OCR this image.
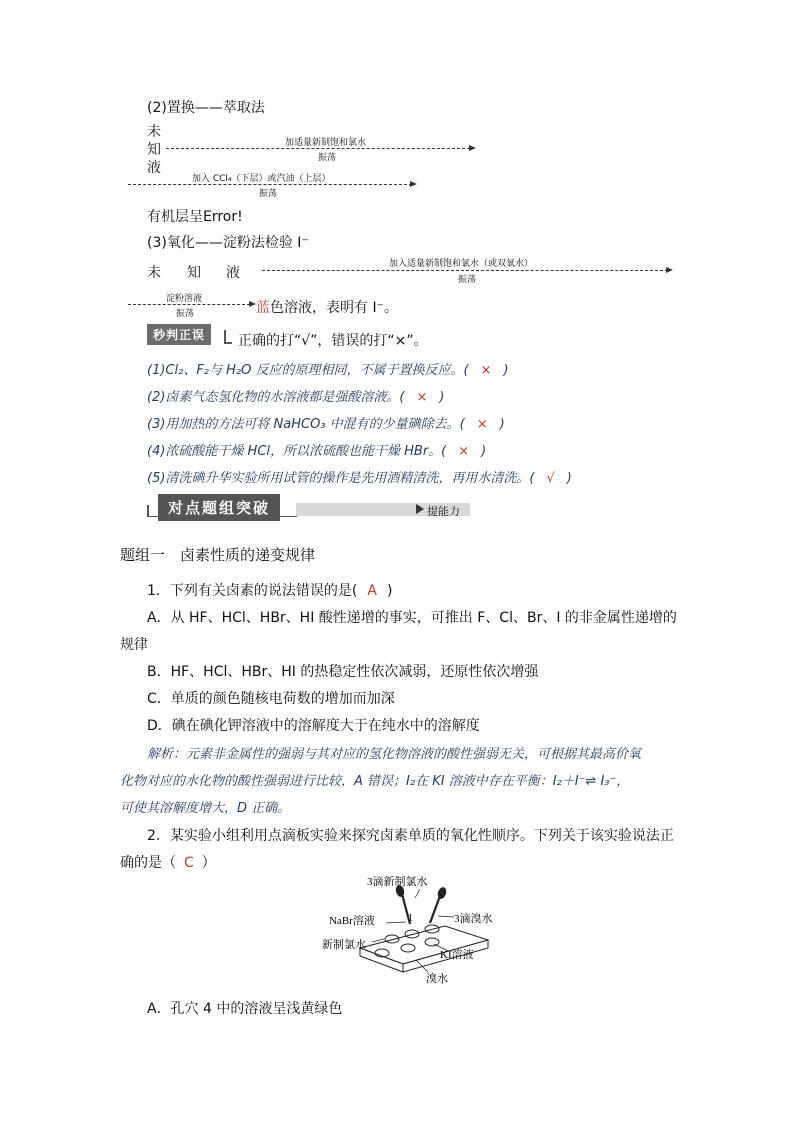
(2)置换——萃取法
未
知
液
加适量新制饱和氯水
振荡
加入 CCl₄（下层）或汽油（上层）
振荡
有机层呈Error!
(3)氧化——淀粉法检验 I⁻
未 知 液
加入适量新制饱和氯水（或双氧水）
振荡
淀粉溶液
振荡	蓝色溶液，表明有 I⁻。
秒判正误	正确的打“√”，错误的打“×”。
(1)Cl₂、F₂与 H₂O 反应的原理相同，不属于置换反应。( × )
(2)卤素气态氢化物的水溶液都是强酸溶液。( × )
(3)用加热的方法可将 NaHCO₃ 中混有的少量碘除去。( × )
(4)浓硫酸能干燥 HCl，所以浓硫酸也能干燥 HBr。( × )
(5)清洗碘升华实验所用试管的操作是先用酒精清洗，再用水清洗。( √ )
对点题组突破	提能力
题组一　卤素性质的递变规律
1．下列有关卤素的说法错误的是( A )
A．从 HF、HCl、HBr、HI 酸性递增的事实，可推出 F、Cl、Br、I 的非金属性递增的
规律
B．HF、HCl、HBr、HI 的热稳定性依次减弱，还原性依次增强
C．单质的颜色随核电荷数的增加而加深
D．碘在碘化钾溶液中的溶解度大于在纯水中的溶解度
解析：元素非金属性的强弱与其对应的氢化物溶液的酸性强弱无关，可根据其最高价氧
化物对应的水化物的酸性强弱进行比较，A 错误；I₂在 KI 溶液中存在平衡：I₂＋I⁻⇌ I₃⁻，
可使其溶解度增大，D 正确。
2．某实验小组利用点滴板实验来探究卤素单质的氧化性顺序。下列关于该实验说法正
确的是（ C ）
3滴新制氯水
NaBr溶液	1	3滴溴水
新制氯水
KI溶液
溴水
A．孔穴 4 中的溶液呈浅黄绿色
